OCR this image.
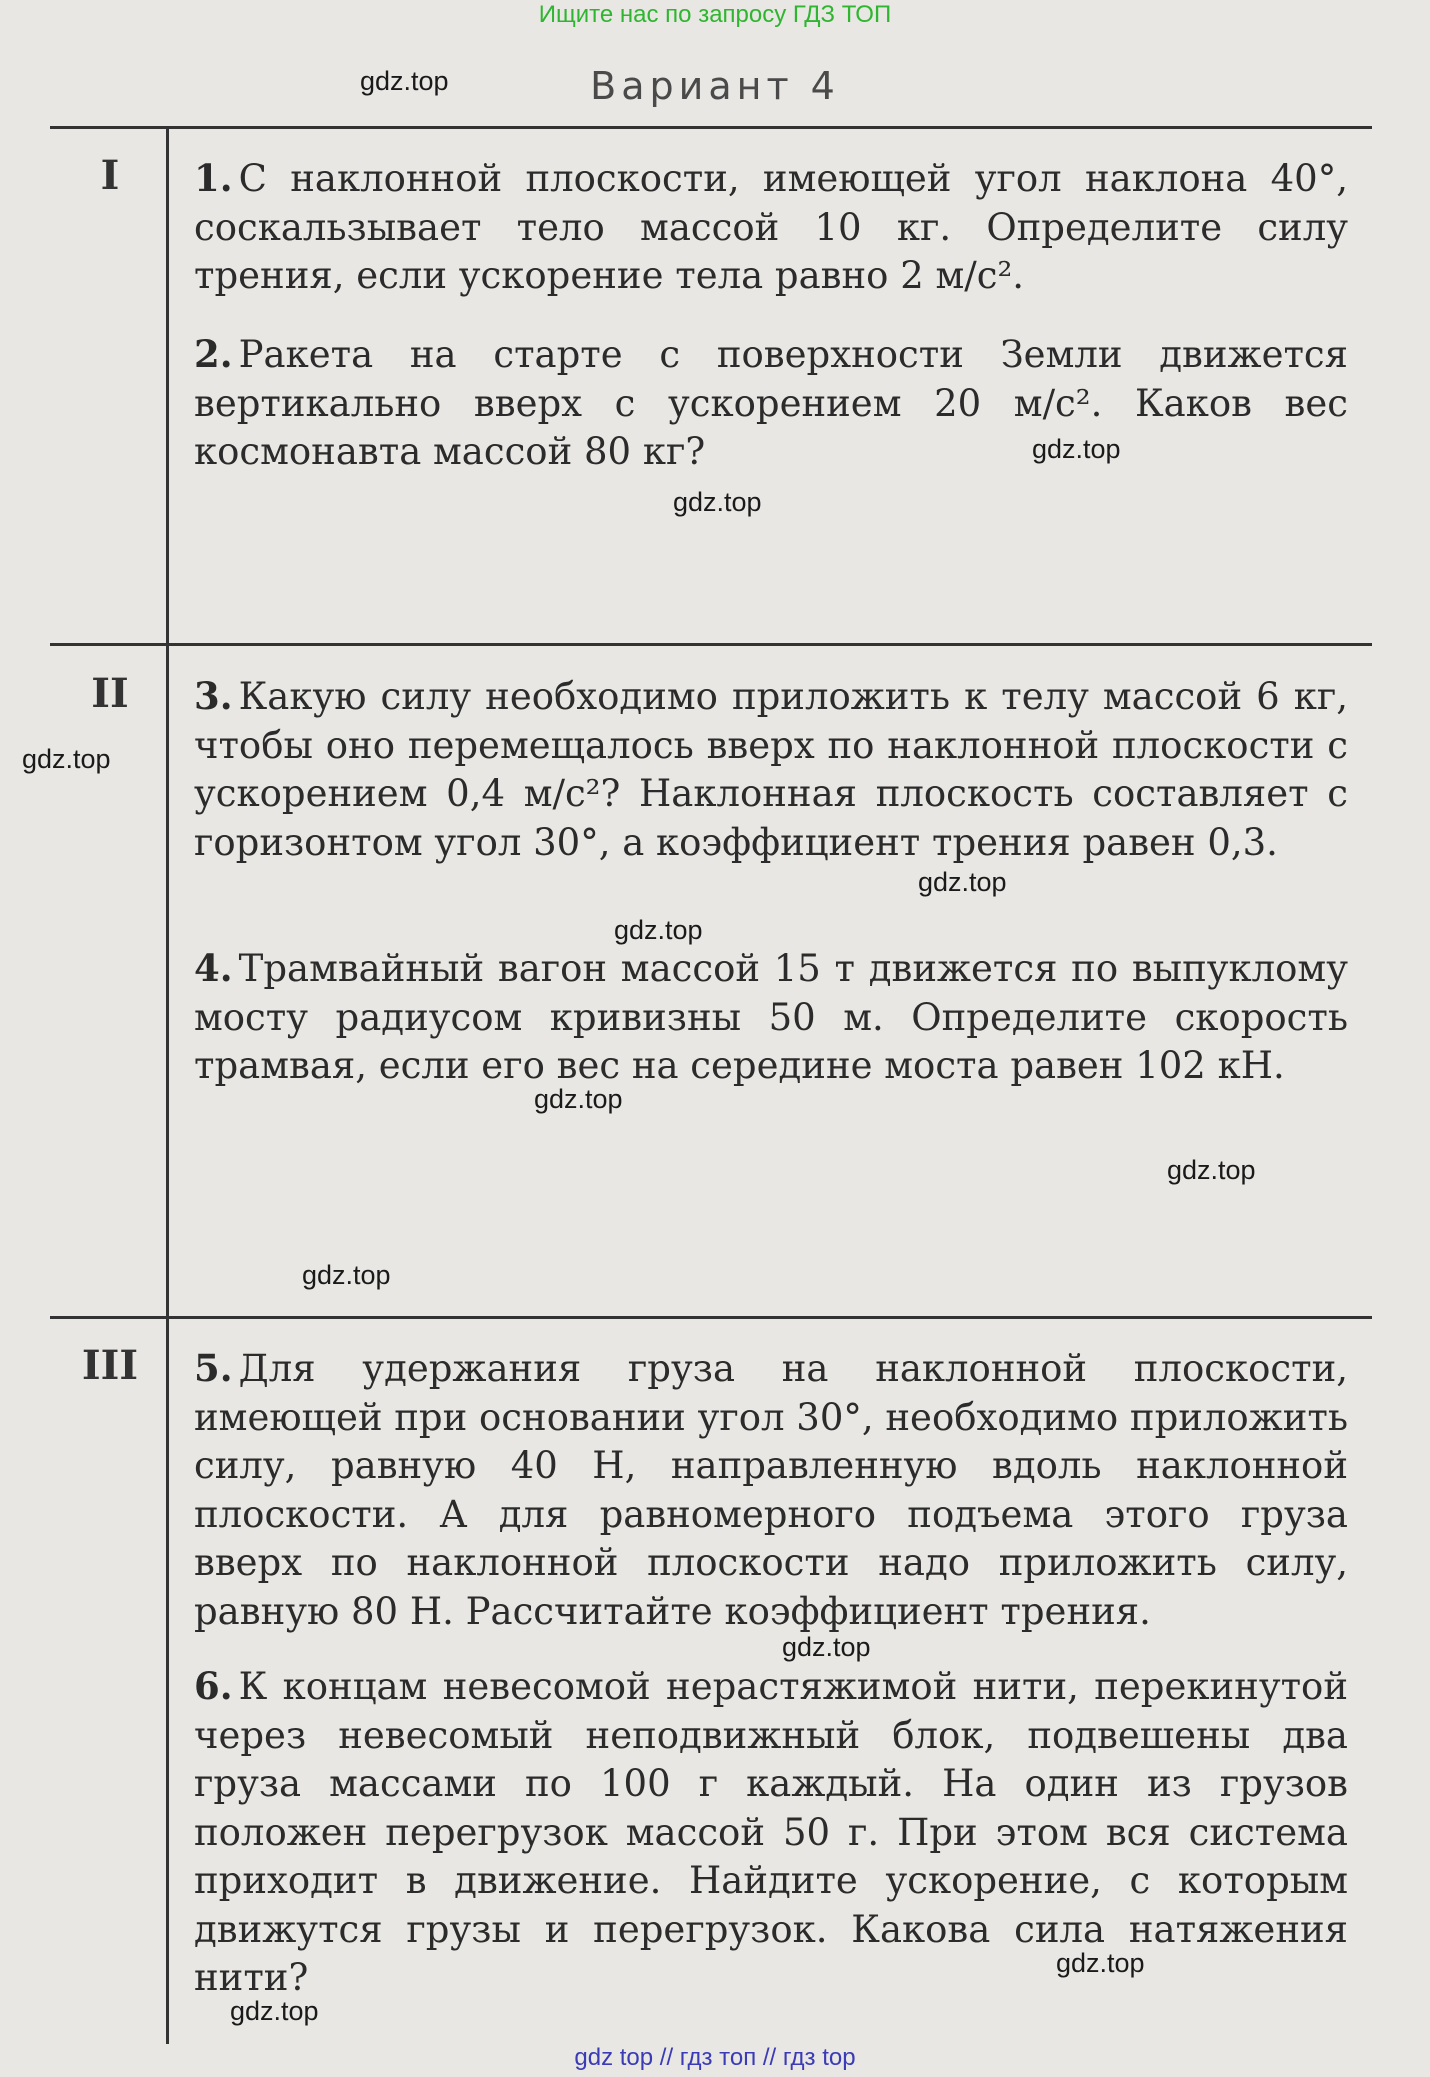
Ищите нас по запросу ГДЗ ТОП
Вариант 4
I	1. С наклонной плоскости, имеющей угол наклона 40°, соскальзывает тело массой 10 кг. Определите силу трения, если ускорение тела равно 2 м/с².
2. Ракета на старте с поверхности Земли движется вертикально вверх с ускорением 20 м/с². Каков вес космонавта массой 80 кг?
II	3. Какую силу необходимо приложить к телу массой 6 кг, чтобы оно перемещалось вверх по наклонной плоскости с ускорением 0,4 м/с²? Наклонная плоскость составляет с горизонтом угол 30°, а коэффициент трения равен 0,3.
4. Трамвайный вагон массой 15 т движется по выпуклому мосту радиусом кривизны 50 м. Определите скорость трамвая, если его вес на середине моста равен 102 кН.
III	5. Для удержания груза на наклонной плоскости, имеющей при основании угол 30°, необходимо приложить силу, равную 40 Н, направленную вдоль наклонной плоскости. А для равномерного подъема этого груза вверх по наклонной плоскости надо приложить силу, равную 80 Н. Рассчитайте коэффициент трения.
6. К концам невесомой нерастяжимой нити, перекинутой через невесомый неподвижный блок, подвешены два груза массами по 100 г каждый. На один из грузов положен перегрузок массой 50 г. При этом вся система приходит в движение. Найдите ускорение, с которым движутся грузы и перегрузок. Какова сила натяжения нити?
gdz.top
gdz.top
gdz.top
gdz.top
gdz.top
gdz.top
gdz.top
gdz.top
gdz.top
gdz.top
gdz.top
gdz.top
gdz top // гдз топ // гдз top
